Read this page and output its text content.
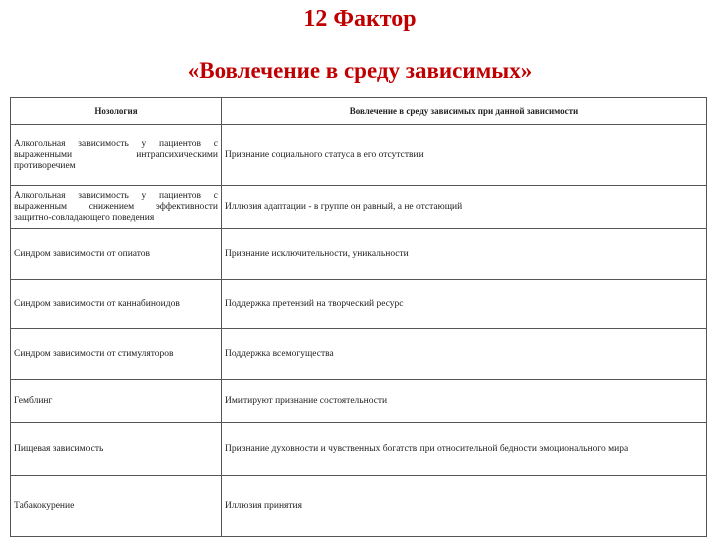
12 Фактор
«Вовлечение в среду зависимых»
Нозология	Вовлечение в среду зависимых при данной зависимости
Алкогольная зависимость у пациентов с выраженными интрапсихическими противоречием	Признание социального статуса в его отсутствии
Алкогольная зависимость у пациентов с выраженным снижением эффективности защитно-совладающего поведения	Иллюзия адаптации - в группе он равный, а не отстающий
Синдром зависимости от опиатов	Признание исключительности, уникальности
Синдром зависимости от каннабиноидов	Поддержка претензий на творческий ресурс
Синдром зависимости от стимуляторов	Поддержка всемогущества
Гемблинг	Имитируют признание состоятельности
Пищевая зависимость	Признание духовности и чувственных богатств при относительной бедности эмоционального мира
Табакокурение	Иллюзия принятия
